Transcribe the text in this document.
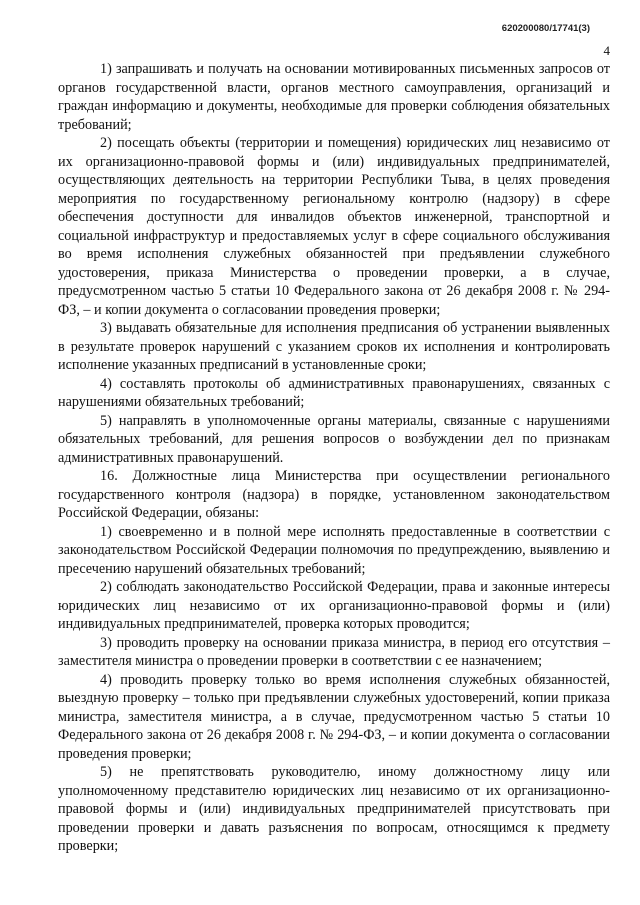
620200080/17741(3)
4

1) запрашивать и получать на основании мотивированных письменных запросов от органов государственной власти, органов местного самоуправления, организаций и граждан информацию и документы, необходимые для проверки соблюдения обязательных требований;

2) посещать объекты (территории и помещения) юридических лиц независимо от их организационно-правовой формы и (или) индивидуальных предпринимателей, осуществляющих деятельность на территории Республики Тыва, в целях проведения мероприятия по государственному региональному контролю (надзору) в сфере обеспечения доступности для инвалидов объектов инженерной, транспортной и социальной инфраструктур и предоставляемых услуг в сфере социального обслуживания во время исполнения служебных обязанностей при предъявлении служебного удостоверения, приказа Министерства о проведении проверки, а в случае, предусмотренном частью 5 статьи 10 Федерального закона от 26 декабря 2008 г. № 294-ФЗ, – и копии документа о согласовании проведения проверки;

3) выдавать обязательные для исполнения предписания об устранении выявленных в результате проверок нарушений с указанием сроков их исполнения и контролировать исполнение указанных предписаний в установленные сроки;

4) составлять протоколы об административных правонарушениях, связанных с нарушениями обязательных требований;

5) направлять в уполномоченные органы материалы, связанные с нарушениями обязательных требований, для решения вопросов о возбуждении дел по признакам административных правонарушений.

16. Должностные лица Министерства при осуществлении регионального государственного контроля (надзора) в порядке, установленном законодательством Российской Федерации, обязаны:

1) своевременно и в полной мере исполнять предоставленные в соответствии с законодательством Российской Федерации полномочия по предупреждению, выявлению и пресечению нарушений обязательных требований;

2) соблюдать законодательство Российской Федерации, права и законные интересы юридических лиц независимо от их организационно-правовой формы и (или) индивидуальных предпринимателей, проверка которых проводится;

3) проводить проверку на основании приказа министра, в период его отсутствия – заместителя министра о проведении проверки в соответствии с ее назначением;

4) проводить проверку только во время исполнения служебных обязанностей, выездную проверку – только при предъявлении служебных удостоверений, копии приказа министра, заместителя министра, а в случае, предусмотренном частью 5 статьи 10 Федерального закона от 26 декабря 2008 г. № 294-ФЗ, – и копии документа о согласовании проведения проверки;

5) не препятствовать руководителю, иному должностному лицу или уполномоченному представителю юридических лиц независимо от их организационно-правовой формы и (или) индивидуальных предпринимателей присутствовать при проведении проверки и давать разъяснения по вопросам, относящимся к предмету проверки;
